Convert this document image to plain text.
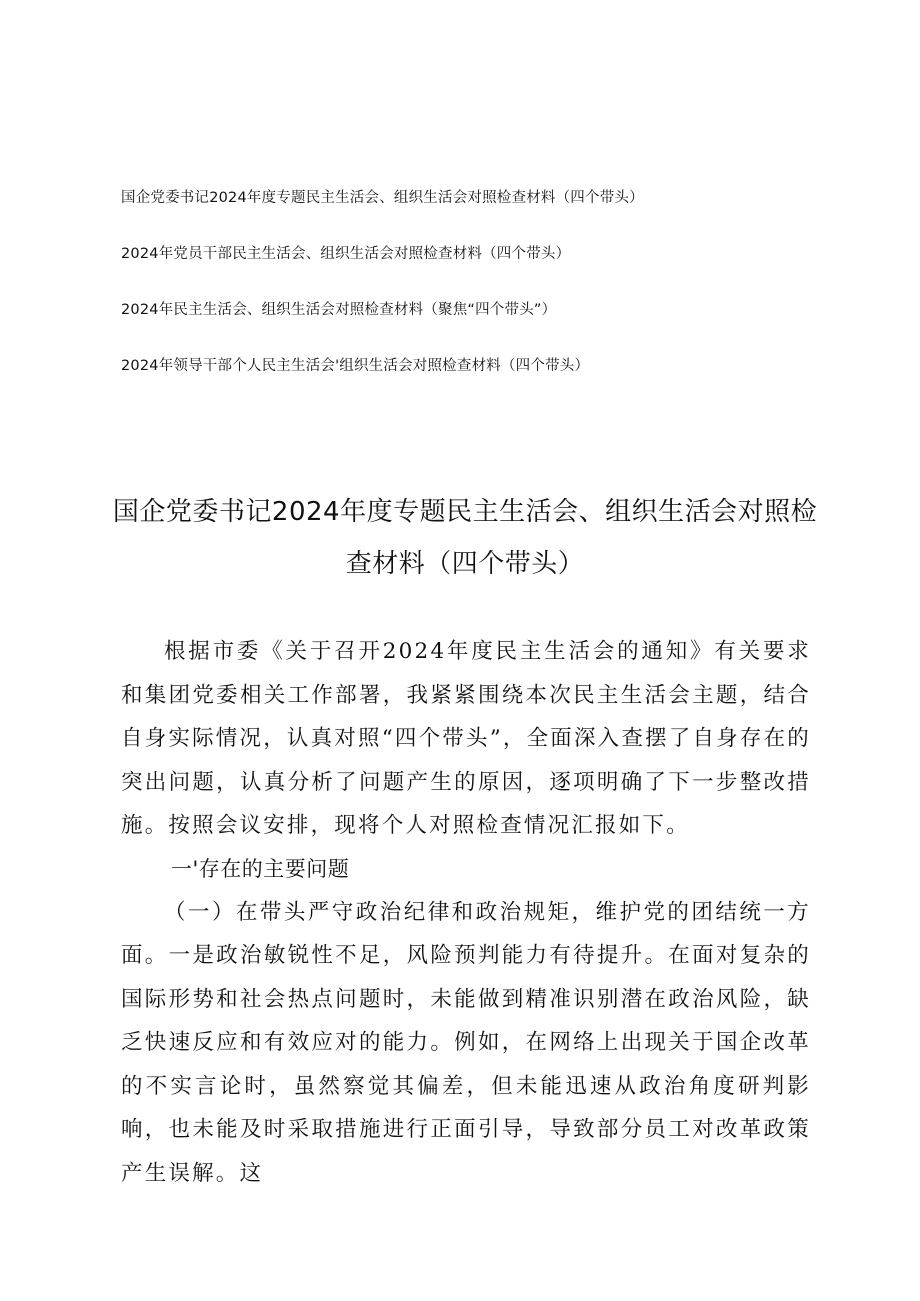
国企党委书记2024年度专题民主生活会、组织生活会对照检查材料（四个带头）
2024年党员干部民主生活会、组织生活会对照检查材料（四个带头）
2024年民主生活会、组织生活会对照检查材料（聚焦“四个带头”）
2024年领导干部个人民主生活会'组织生活会对照检查材料（四个带头）
国企党委书记2024年度专题民主生活会、组织生活会对照检
查材料（四个带头）

根据市委《关于召开2024年度民主生活会的通知》有关要求和集团党委相关工作部署，我紧紧围绕本次民主生活会主题，结合自身实际情况，认真对照“四个带头”，全面深入查摆了自身存在的突出问题，认真分析了问题产生的原因，逐项明确了下一步整改措施。按照会议安排，现将个人对照检查情况汇报如下。

一'存在的主要问题

（一）在带头严守政治纪律和政治规矩，维护党的团结统一方面。一是政治敏锐性不足，风险预判能力有待提升。在面对复杂的国际形势和社会热点问题时，未能做到精准识别潜在政治风险，缺乏快速反应和有效应对的能力。例如，在网络上出现关于国企改革的不实言论时，虽然察觉其偏差，但未能迅速从政治角度研判影响，也未能及时采取措施进行正面引导，导致部分员工对改革政策产生误解。这
